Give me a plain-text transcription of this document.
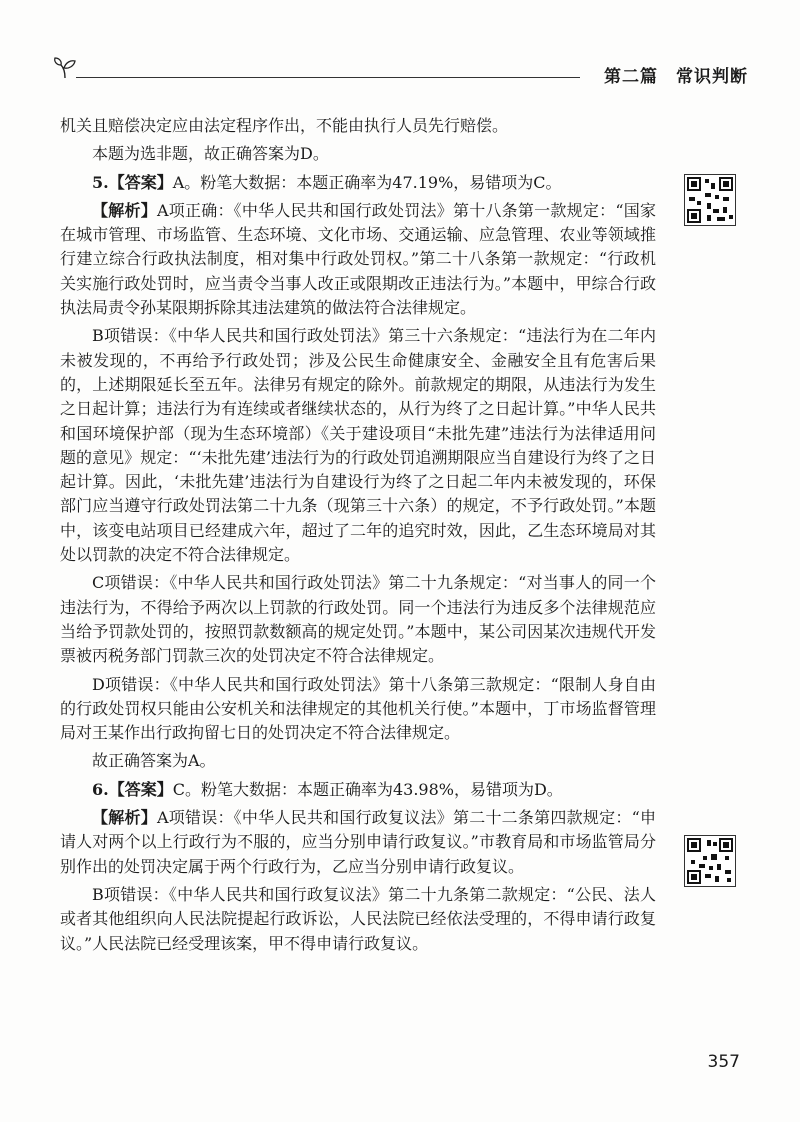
第二篇　常识判断

机关且赔偿决定应由法定程序作出，不能由执行人员先行赔偿。

本题为选非题，故正确答案为D。

5.【答案】A。粉笔大数据：本题正确率为47.19%，易错项为C。

【解析】A项正确：《中华人民共和国行政处罚法》第十八条第一款规定：“国家在城市管理、市场监管、生态环境、文化市场、交通运输、应急管理、农业等领域推行建立综合行政执法制度，相对集中行政处罚权。”第二十八条第一款规定：“行政机关实施行政处罚时，应当责令当事人改正或限期改正违法行为。”本题中，甲综合行政执法局责令孙某限期拆除其违法建筑的做法符合法律规定。

B项错误：《中华人民共和国行政处罚法》第三十六条规定：“违法行为在二年内未被发现的，不再给予行政处罚；涉及公民生命健康安全、金融安全且有危害后果的，上述期限延长至五年。法律另有规定的除外。前款规定的期限，从违法行为发生之日起计算；违法行为有连续或者继续状态的，从行为终了之日起计算。”中华人民共和国环境保护部（现为生态环境部）《关于建设项目“未批先建”违法行为法律适用问题的意见》规定：“‘未批先建’违法行为的行政处罚追溯期限应当自建设行为终了之日起计算。因此，‘未批先建’违法行为自建设行为终了之日起二年内未被发现的，环保部门应当遵守行政处罚法第二十九条（现第三十六条）的规定，不予行政处罚。”本题中，该变电站项目已经建成六年，超过了二年的追究时效，因此，乙生态环境局对其处以罚款的决定不符合法律规定。

C项错误：《中华人民共和国行政处罚法》第二十九条规定：“对当事人的同一个违法行为，不得给予两次以上罚款的行政处罚。同一个违法行为违反多个法律规范应当给予罚款处罚的，按照罚款数额高的规定处罚。”本题中，某公司因某次违规代开发票被丙税务部门罚款三次的处罚决定不符合法律规定。

D项错误：《中华人民共和国行政处罚法》第十八条第三款规定：“限制人身自由的行政处罚权只能由公安机关和法律规定的其他机关行使。”本题中，丁市场监督管理局对王某作出行政拘留七日的处罚决定不符合法律规定。

故正确答案为A。

6.【答案】C。粉笔大数据：本题正确率为43.98%，易错项为D。

【解析】A项错误：《中华人民共和国行政复议法》第二十二条第四款规定：“申请人对两个以上行政行为不服的，应当分别申请行政复议。”市教育局和市场监管局分别作出的处罚决定属于两个行政行为，乙应当分别申请行政复议。

B项错误：《中华人民共和国行政复议法》第二十九条第二款规定：“公民、法人或者其他组织向人民法院提起行政诉讼，人民法院已经依法受理的，不得申请行政复议。”人民法院已经受理该案，甲不得申请行政复议。

357
